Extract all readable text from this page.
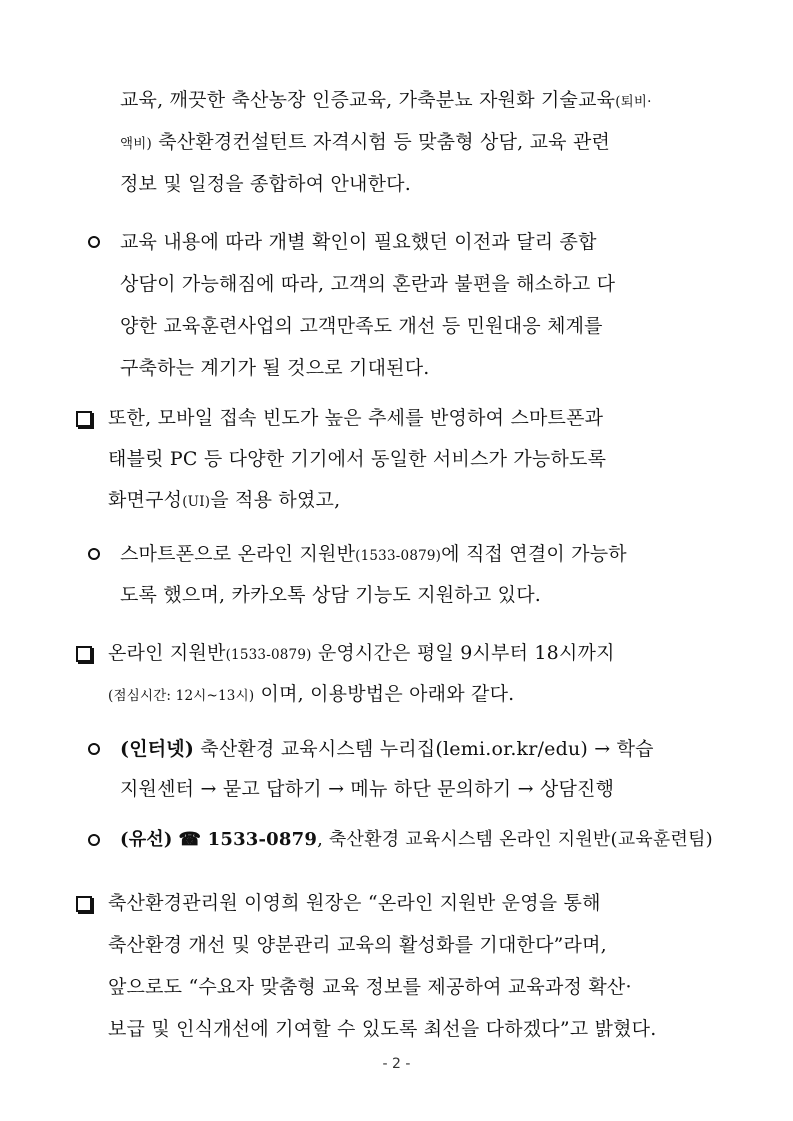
교육, 깨끗한 축산농장 인증교육, 가축분뇨 자원화 기술교육(퇴비·
액비) 축산환경컨설턴트 자격시험 등 맞춤형 상담, 교육 관련
정보 및 일정을 종합하여 안내한다.
교육 내용에 따라 개별 확인이 필요했던 이전과 달리 종합
상담이 가능해짐에 따라, 고객의 혼란과 불편을 해소하고 다
양한 교육훈련사업의 고객만족도 개선 등 민원대응 체계를
구축하는 계기가 될 것으로 기대된다.
또한, 모바일 접속 빈도가 높은 추세를 반영하여 스마트폰과
태블릿 PC 등 다양한 기기에서 동일한 서비스가 가능하도록
화면구성(UI)을 적용 하였고,
스마트폰으로 온라인 지원반(1533-0879)에 직접 연결이 가능하
도록 했으며, 카카오톡 상담 기능도 지원하고 있다.
온라인 지원반(1533-0879) 운영시간은 평일 9시부터 18시까지
(점심시간: 12시~13시) 이며, 이용방법은 아래와 같다.
(인터넷) 축산환경 교육시스템 누리집(lemi.or.kr/edu) → 학습
지원센터 → 묻고 답하기 → 메뉴 하단 문의하기 → 상담진행
(유선) ☎ 1533-0879, 축산환경 교육시스템 온라인 지원반(교육훈련팀)
축산환경관리원 이영희 원장은 “온라인 지원반 운영을 통해
축산환경 개선 및 양분관리 교육의 활성화를 기대한다”라며,
앞으로도 “수요자 맞춤형 교육 정보를 제공하여 교육과정 확산·
보급 및 인식개선에 기여할 수 있도록 최선을 다하겠다”고 밝혔다.
- 2 -
